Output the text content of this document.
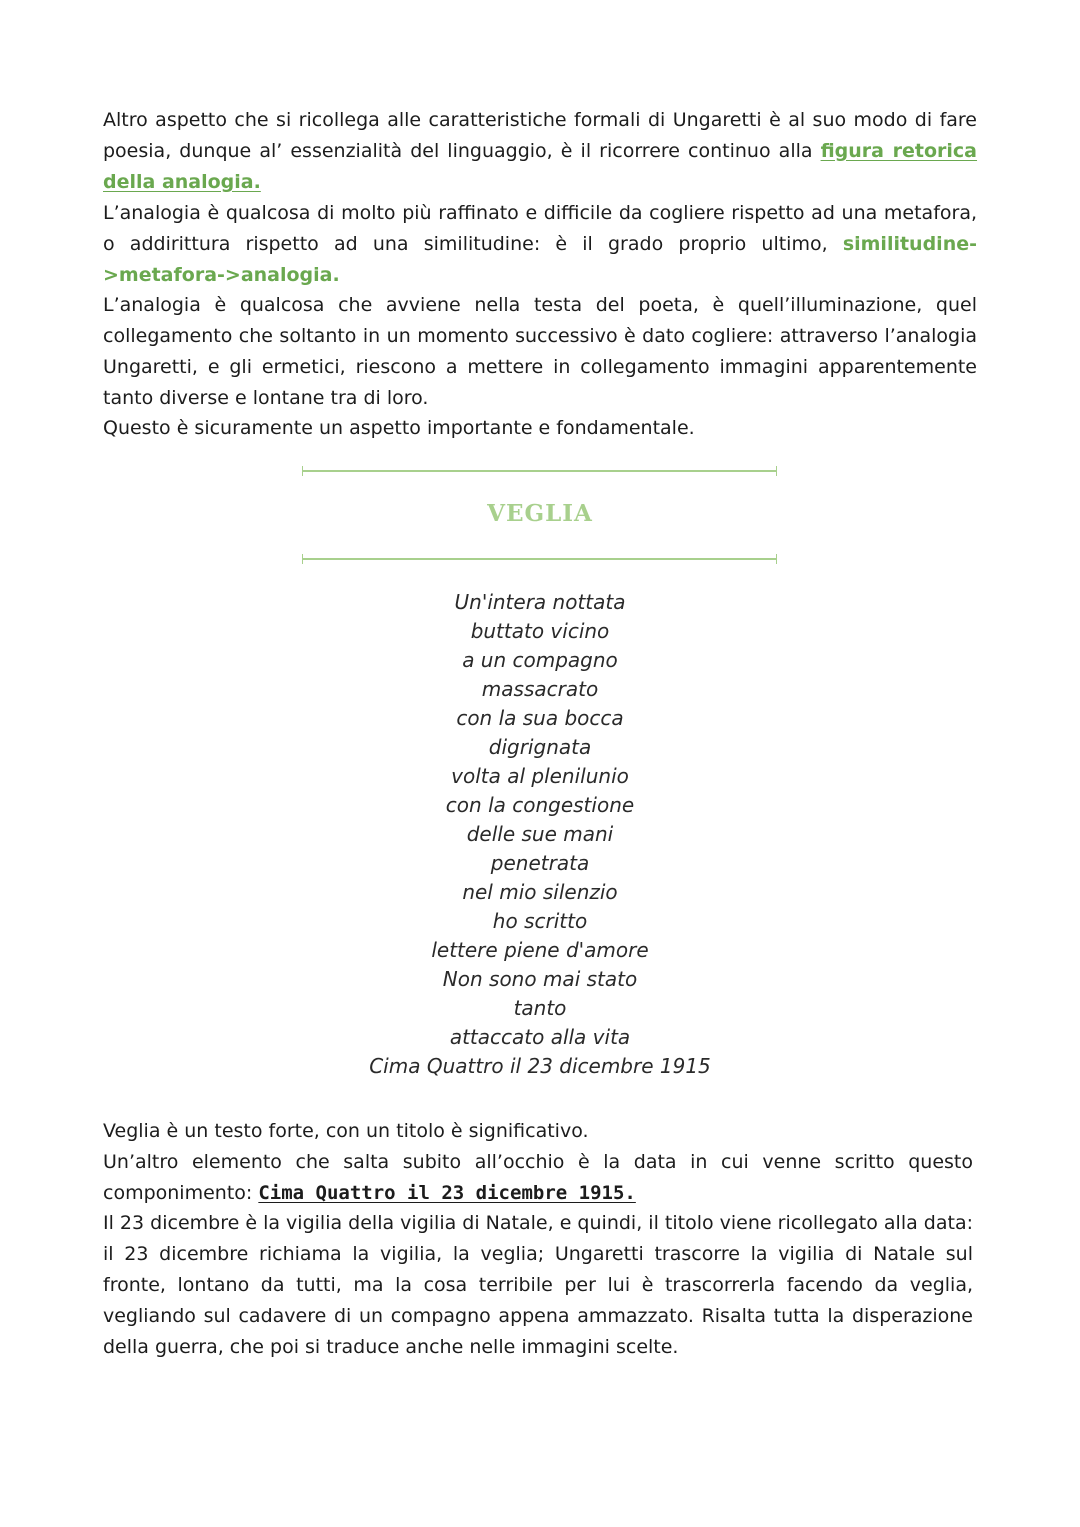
Altro aspetto che si ricollega alle caratteristiche formali di Ungaretti è al suo modo di fare poesia, dunque al’ essenzialità del linguaggio, è il ricorrere continuo alla figura retorica della analogia.

L’analogia è qualcosa di molto più raffinato e difficile da cogliere rispetto ad una metafora, o addirittura rispetto ad una similitudine: è il grado proprio ultimo, similitudine->metafora->analogia.

L’analogia è qualcosa che avviene nella testa del poeta, è quell’illuminazione, quel collegamento che soltanto in un momento successivo è dato cogliere: attraverso l’analogia Ungaretti, e gli ermetici, riescono a mettere in collegamento immagini apparentemente tanto diverse e lontane tra di loro.

Questo è sicuramente un aspetto importante e fondamentale.

VEGLIA
Un'intera nottata
buttato vicino
a un compagno
massacrato
con la sua bocca
digrignata
volta al plenilunio
con la congestione
delle sue mani
penetrata
nel mio silenzio
ho scritto
lettere piene d'amore
Non sono mai stato
tanto
attaccato alla vita
Cima Quattro il 23 dicembre 1915

Veglia è un testo forte, con un titolo è significativo.

Un’altro elemento che salta subito all’occhio è la data in cui venne scritto questo componimento: Cima Quattro il 23 dicembre 1915.

Il 23 dicembre è la vigilia della vigilia di Natale, e quindi, il titolo viene ricollegato alla data: il 23 dicembre richiama la vigilia, la veglia; Ungaretti trascorre la vigilia di Natale sul fronte, lontano da tutti, ma la cosa terribile per lui è trascorrerla facendo da veglia, vegliando sul cadavere di un compagno appena ammazzato. Risalta tutta la disperazione della guerra, che poi si traduce anche nelle immagini scelte.
